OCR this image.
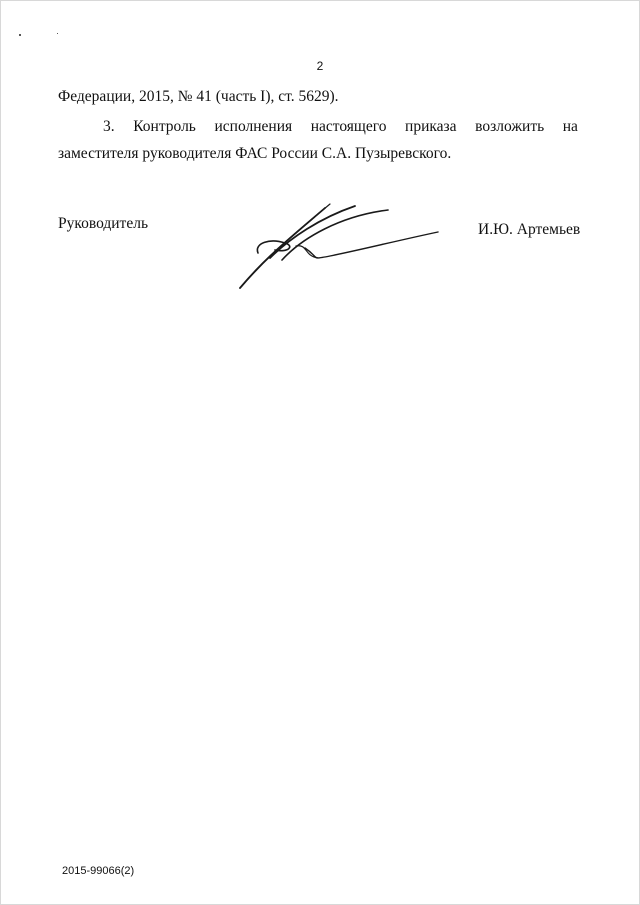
2
Федерации, 2015, № 41 (часть I), ст. 5629).
3. Контроль исполнения настоящего приказа возложить на
заместителя руководителя ФАС России С.А. Пузыревского.
Руководитель	И.Ю. Артемьев
2015-99066(2)
